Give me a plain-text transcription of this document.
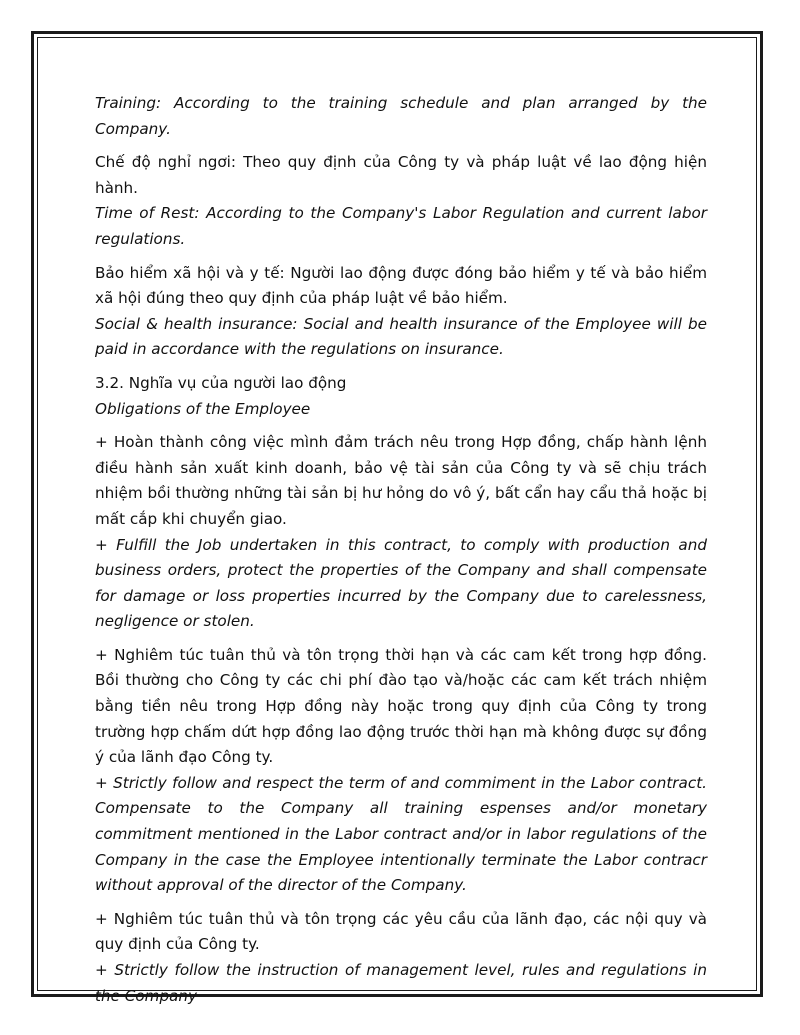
Training: According to the training schedule and plan arranged by the Company.
Chế độ nghỉ ngơi: Theo quy định của Công ty và pháp luật về lao động hiện hành.
Time of Rest: According to the Company's Labor Regulation and current labor regulations.
Bảo hiểm xã hội và y tế: Người lao động được đóng bảo hiểm y tế và bảo hiểm xã hội đúng theo quy định của pháp luật về bảo hiểm.
Social & health insurance: Social and health insurance of the Employee will be paid in accordance with the regulations on insurance.
3.2. Nghĩa vụ của người lao động
Obligations of the Employee
+ Hoàn thành công việc mình đảm trách nêu trong Hợp đồng, chấp hành lệnh điều hành sản xuất kinh doanh, bảo vệ tài sản của Công ty và sẽ chịu trách nhiệm bồi thường những tài sản bị hư hỏng do vô ý, bất cẩn hay cẩu thả hoặc bị mất cắp khi chuyển giao.
+ Fulfill the Job undertaken in this contract, to comply with production and business orders, protect the properties of the Company and shall compensate for damage or loss properties incurred by the Company due to carelessness, negligence or stolen.
+ Nghiêm túc tuân thủ và tôn trọng thời hạn và các cam kết trong hợp đồng. Bồi thường cho Công ty các chi phí đào tạo và/hoặc các cam kết trách nhiệm bằng tiền nêu trong Hợp đồng này hoặc trong quy định của Công ty trong trường hợp chấm dứt hợp đồng lao động trước thời hạn mà không được sự đồng ý của lãnh đạo Công ty.
+ Strictly follow and respect the term of and commiment in the Labor contract. Compensate to the Company all training espenses and/or monetary commitment mentioned in the Labor contract and/or in labor regulations of the Company in the case the Employee intentionally terminate the Labor contracr without approval of the director of the Company.
+ Nghiêm túc tuân thủ và tôn trọng các yêu cầu của lãnh đạo, các nội quy và quy định của Công ty.
+ Strictly follow the instruction of management level, rules and regulations in the Company
